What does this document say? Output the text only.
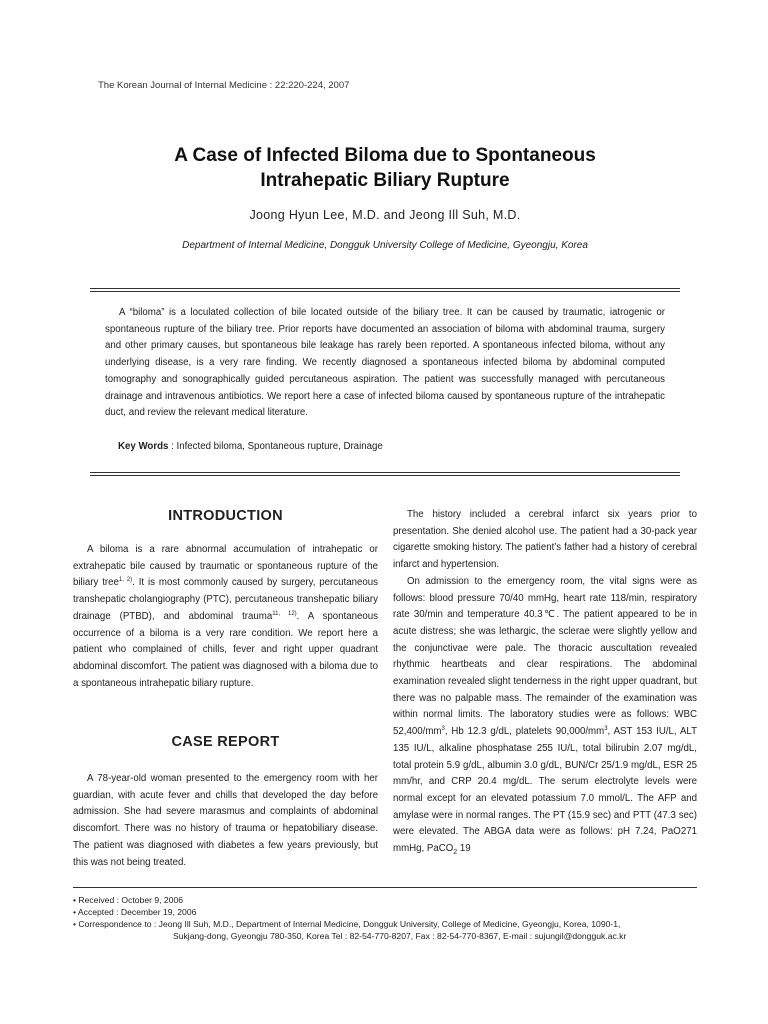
The Korean Journal of Internal Medicine : 22:220-224, 2007
A Case of Infected Biloma due to Spontaneous
Intrahepatic Biliary Rupture
Joong Hyun Lee, M.D. and Jeong Ill Suh, M.D.
Department of Internal Medicine, Dongguk University College of Medicine, Gyeongju, Korea
A “biloma” is a loculated collection of bile located outside of the biliary tree. It can be caused by traumatic, iatrogenic or spontaneous rupture of the biliary tree. Prior reports have documented an association of biloma with abdominal trauma, surgery and other primary causes, but spontaneous bile leakage has rarely been reported. A spontaneous infected biloma, without any underlying disease, is a very rare finding. We recently diagnosed a spontaneous infected biloma by abdominal computed tomography and sonographically guided percutaneous aspiration. The patient was successfully managed with percutaneous drainage and intravenous antibiotics. We report here a case of infected biloma caused by spontaneous rupture of the intrahepatic duct, and review the relevant medical literature.
Key Words : Infected biloma, Spontaneous rupture, Drainage
INTRODUCTION

A biloma is a rare abnormal accumulation of intrahepatic or extrahepatic bile caused by traumatic or spontaneous rupture of the biliary tree$^{1, 2)}$. It is most commonly caused by surgery, percutaneous transhepatic cholangiography (PTC), percutaneous transhepatic biliary drainage (PTBD), and abdominal trauma$^{11, 12)}$. A spontaneous occurrence of a biloma is a very rare condition. We report here a patient who complained of chills, fever and right upper quadrant abdominal discomfort. The patient was diagnosed with a biloma due to a spontaneous intrahepatic biliary rupture.

CASE REPORT

A 78-year-old woman presented to the emergency room with her guardian, with acute fever and chills that developed the day before admission. She had severe marasmus and complaints of abdominal discomfort. There was no history of trauma or hepatobiliary disease. The patient was diagnosed with diabetes a few years previously, but this was not being treated.

The history included a cerebral infarct six years prior to presentation. She denied alcohol use. The patient had a 30-pack year cigarette smoking history. The patient’s father had a history of cerebral infarct and hypertension.

On admission to the emergency room, the vital signs were as follows: blood pressure 70/40 mmHg, heart rate 118/min, respiratory rate 30/min and temperature 40.3℃. The patient appeared to be in acute distress; she was lethargic, the sclerae were slightly yellow and the conjunctivae were pale. The thoracic auscultation revealed rhythmic heartbeats and clear respirations. The abdominal examination revealed slight tenderness in the right upper quadrant, but there was no palpable mass. The remainder of the examination was within normal limits. The laboratory studies were as follows: WBC $52,400/mm^3$, Hb 12.3 g/dL, platelets $90,000/mm^3$, AST 153 IU/L, ALT 135 IU/L, alkaline phosphatase 255 IU/L, total bilirubin 2.07 mg/dL, total protein 5.9 g/dL, albumin 3.0 g/dL, BUN/Cr 25/1.9 mg/dL, ESR 25 mm/hr, and CRP 20.4 mg/dL. The serum electrolyte levels were normal except for an elevated potassium 7.0 mmol/L. The AFP and amylase were in normal ranges. The PT (15.9 sec) and PTT (47.3 sec) were elevated. The ABGA data were as follows: pH 7.24, PaO271 mmHg, PaCO$_2$ 19

• Received : October 9, 2006
• Accepted : December 19, 2006
• Correspondence to : Jeong Ill Suh, M.D., Department of Internal Medicine, Dongguk University, College of Medicine, Gyeongju, Korea, 1090-1,
Sukjang-dong, Gyeongju 780-350, Korea Tel : 82-54-770-8207, Fax : 82-54-770-8367, E-mail : sujungil@dongguk.ac.kr
